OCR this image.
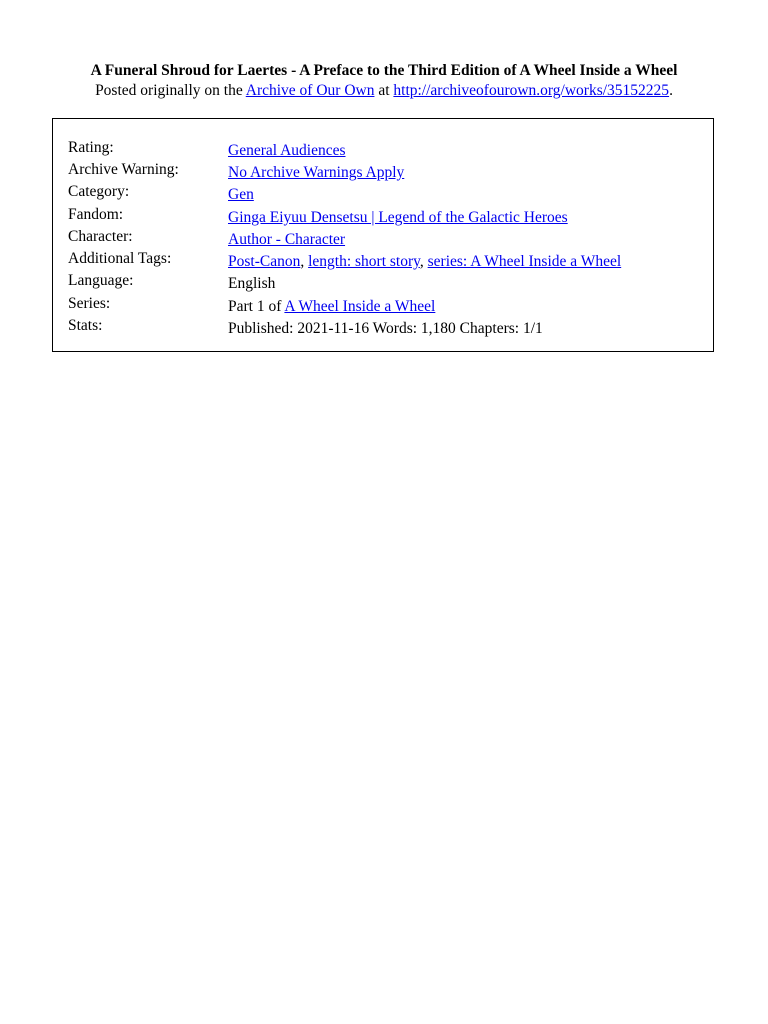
A Funeral Shroud for Laertes - A Preface to the Third Edition of A Wheel Inside a Wheel
Posted originally on the Archive of Our Own at http://archiveofourown.org/works/35152225.
Rating:	General Audiences
Archive Warning:	No Archive Warnings Apply
Category:	Gen
Fandom:	Ginga Eiyuu Densetsu | Legend of the Galactic Heroes
Character:	Author - Character
Additional Tags:	Post-Canon, length: short story, series: A Wheel Inside a Wheel
Language:	English
Series:	Part 1 of A Wheel Inside a Wheel
Stats:	Published: 2021-11-16 Words: 1,180 Chapters: 1/1
